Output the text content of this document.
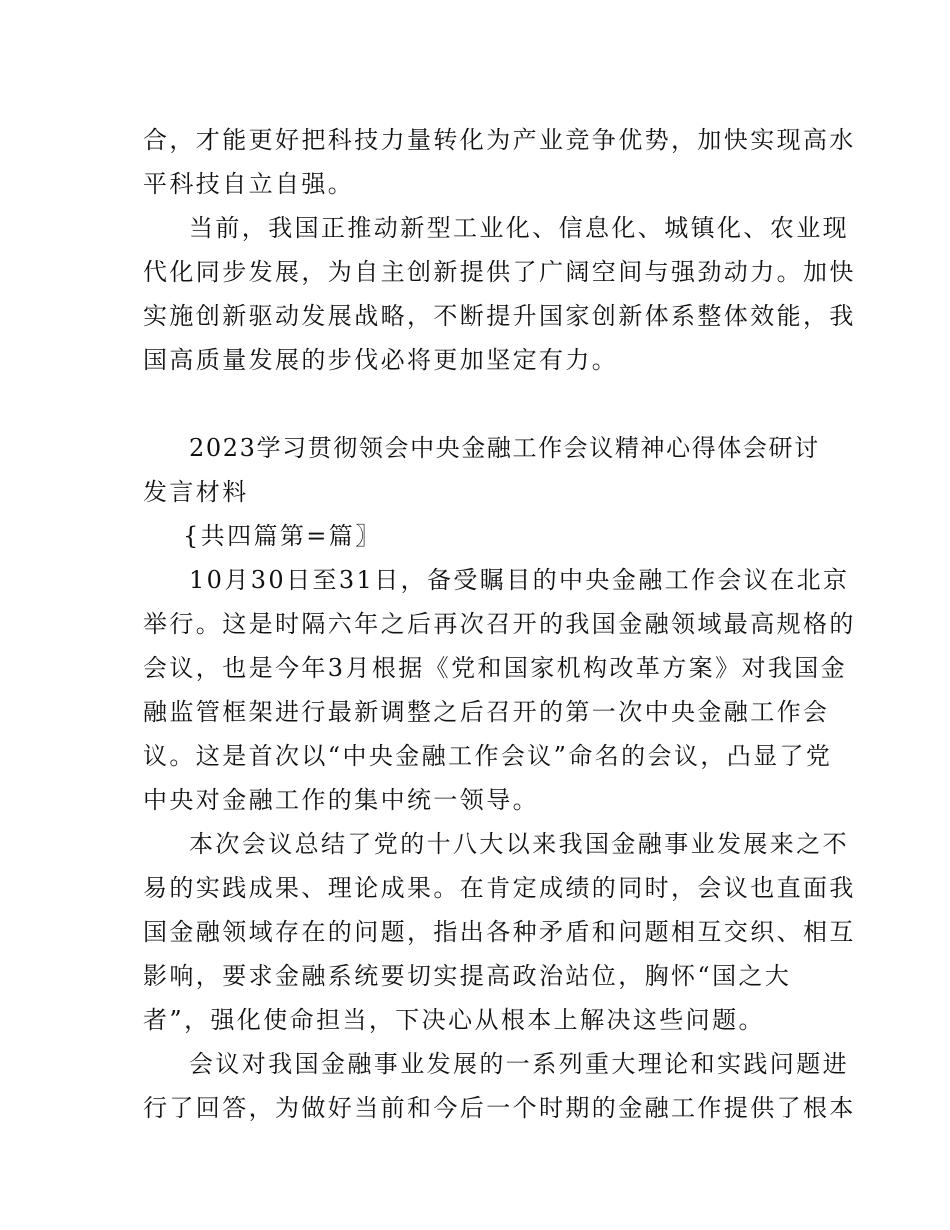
合，才能更好把科技力量转化为产业竞争优势，加快实现高水
平科技自立自强。
当前，我国正推动新型工业化、信息化、城镇化、农业现
代化同步发展，为自主创新提供了广阔空间与强劲动力。加快
实施创新驱动发展战略，不断提升国家创新体系整体效能，我
国高质量发展的步伐必将更加坚定有力。
2023学习贯彻领会中央金融工作会议精神心得体会研讨
发言材料
{共四篇第=篇〗
10月30日至31日，备受瞩目的中央金融工作会议在北京
举行。这是时隔六年之后再次召开的我国金融领域最高规格的
会议，也是今年3月根据《党和国家机构改革方案》对我国金
融监管框架进行最新调整之后召开的第一次中央金融工作会
议。这是首次以“中央金融工作会议”命名的会议，凸显了党
中央对金融工作的集中统一领导。
本次会议总结了党的十八大以来我国金融事业发展来之不
易的实践成果、理论成果。在肯定成绩的同时，会议也直面我
国金融领域存在的问题，指出各种矛盾和问题相互交织、相互
影响，要求金融系统要切实提高政治站位，胸怀“国之大
者”，强化使命担当，下决心从根本上解决这些问题。
会议对我国金融事业发展的一系列重大理论和实践问题进
行了回答，为做好当前和今后一个时期的金融工作提供了根本
